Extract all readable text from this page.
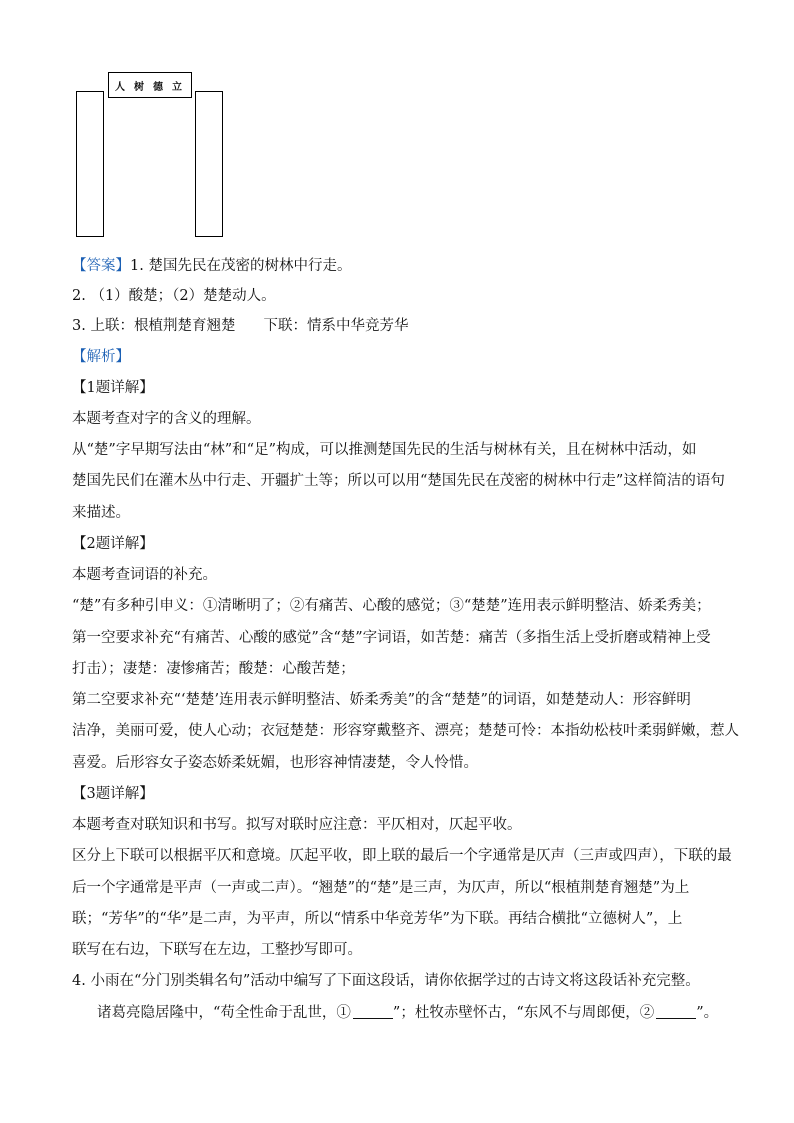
人树德立
【答案】1. 楚国先民在茂密的树林中行走。
2. （1）酸楚；（2）楚楚动人。
3. 上联：根植荆楚育翘楚 下联：情系中华竞芳华
【解析】
【1题详解】
本题考查对字的含义的理解。
从“楚”字早期写法由“林”和“足”构成，可以推测楚国先民的生活与树林有关，且在树林中活动，如
楚国先民们在灌木丛中行走、开疆扩土等；所以可以用“楚国先民在茂密的树林中行走”这样简洁的语句
来描述。
【2题详解】
本题考查词语的补充。
“楚”有多种引申义：①清晰明了；②有痛苦、心酸的感觉；③“楚楚”连用表示鲜明整洁、娇柔秀美；
第一空要求补充“有痛苦、心酸的感觉”含“楚”字词语，如苦楚：痛苦（多指生活上受折磨或精神上受
打击）；凄楚：凄惨痛苦；酸楚：心酸苦楚；
第二空要求补充“‘楚楚’连用表示鲜明整洁、娇柔秀美”的含“楚楚”的词语，如楚楚动人：形容鲜明
洁净，美丽可爱，使人心动；衣冠楚楚：形容穿戴整齐、漂亮；楚楚可怜：本指幼松枝叶柔弱鲜嫩，惹人
喜爱。后形容女子姿态娇柔妩媚，也形容神情凄楚，令人怜惜。
【3题详解】
本题考查对联知识和书写。拟写对联时应注意：平仄相对，仄起平收。
区分上下联可以根据平仄和意境。仄起平收，即上联的最后一个字通常是仄声（三声或四声），下联的最
后一个字通常是平声（一声或二声）。“翘楚”的“楚”是三声，为仄声，所以“根植荆楚育翘楚”为上
联；“芳华”的“华”是二声，为平声，所以“情系中华竞芳华”为下联。再结合横批“立德树人”，上
联写在右边，下联写在左边，工整抄写即可。
4. 小雨在“分门别类辑名句”活动中编写了下面这段话，请你依据学过的古诗文将这段话补充完整。
诸葛亮隐居隆中，“苟全性命于乱世，①	”；杜牧赤壁怀古，“东风不与周郎便，②	”。
